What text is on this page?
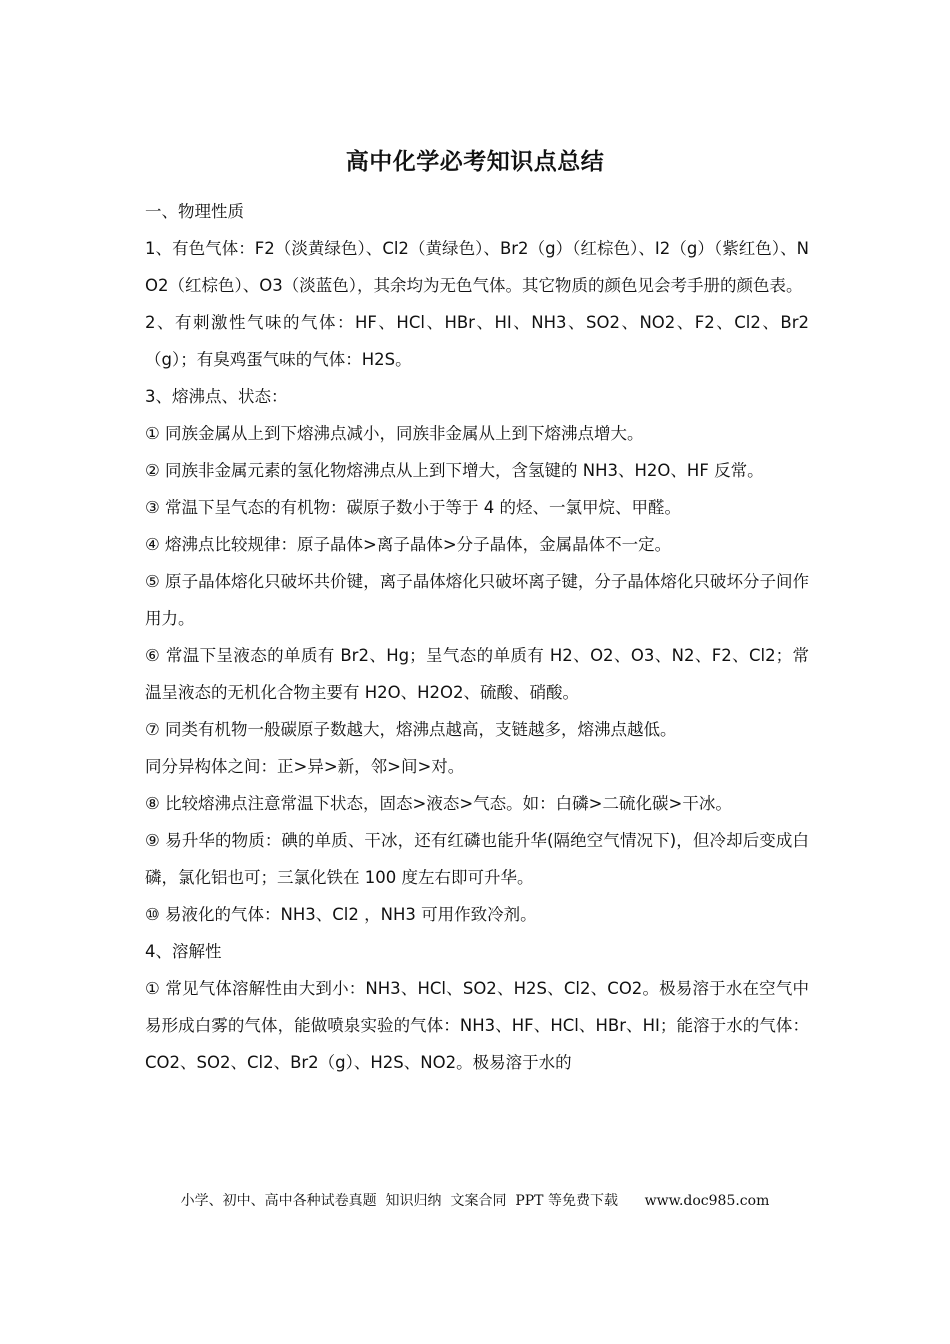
高中化学必考知识点总结

一、物理性质

1、有色气体：F2（淡黄绿色）、Cl2（黄绿色）、Br2（g）（红棕色）、I2（g）（紫红色）、NO2（红棕色）、O3（淡蓝色），其余均为无色气体。其它物质的颜色见会考手册的颜色表。

2、有刺激性气味的气体：HF、HCl、HBr、HI、NH3、SO2、NO2、F2、Cl2、Br2（g）；有臭鸡蛋气味的气体：H2S。

3、熔沸点、状态：

① 同族金属从上到下熔沸点减小，同族非金属从上到下熔沸点增大。

② 同族非金属元素的氢化物熔沸点从上到下增大，含氢键的 NH3、H2O、HF 反常。

③ 常温下呈气态的有机物：碳原子数小于等于 4 的烃、一氯甲烷、甲醛。

④ 熔沸点比较规律：原子晶体>离子晶体>分子晶体，金属晶体不一定。

⑤ 原子晶体熔化只破坏共价键，离子晶体熔化只破坏离子键，分子晶体熔化只破坏分子间作用力。

⑥ 常温下呈液态的单质有 Br2、Hg；呈气态的单质有 H2、O2、O3、N2、F2、Cl2；常温呈液态的无机化合物主要有 H2O、H2O2、硫酸、硝酸。

⑦ 同类有机物一般碳原子数越大，熔沸点越高，支链越多，熔沸点越低。

同分异构体之间：正>异>新，邻>间>对。

⑧ 比较熔沸点注意常温下状态，固态>液态>气态。如：白磷>二硫化碳>干冰。

⑨ 易升华的物质：碘的单质、干冰，还有红磷也能升华(隔绝空气情况下)，但冷却后变成白磷，氯化铝也可；三氯化铁在 100 度左右即可升华。

⑩ 易液化的气体：NH3、Cl2 ，NH3 可用作致冷剂。

4、溶解性

① 常见气体溶解性由大到小：NH3、HCl、SO2、H2S、Cl2、CO2。极易溶于水在空气中易形成白雾的气体，能做喷泉实验的气体：NH3、HF、HCl、HBr、HI；能溶于水的气体：CO2、SO2、Cl2、Br2（g）、H2S、NO2。极易溶于水的

小学、初中、高中各种试卷真题  知识归纳  文案合同  PPT 等免费下载      www.doc985.com
